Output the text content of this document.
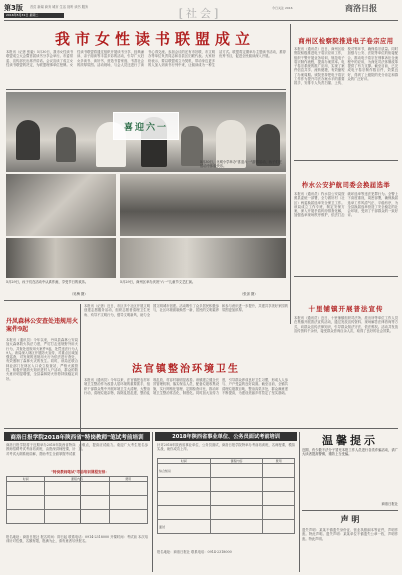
第3版 首页 新闻 商务 城市 生活 视听 读书 服务
2016年5月31日 星期二	[社会]	今日关注 2016	商洛日报
我市女性读书联盟成立
本报讯（记者 张毅）5月30日，我市女性读书联盟成立大会暨首届读书分享会举行。市委常委、宣传部长出席并讲话。会议宣读了成立女性读书联盟的决定，为联盟理事单位授牌。女性读书联盟将通过组织开展读书分享、经典诵读、亲子阅读等丰富多彩的活动，引导广大妇女多读书、读好书，营造书香家庭、书香社会的浓厚氛围。活动现场，与会人员还进行了读书心得交流。参加会议的还有市妇联、市文明办等单位负责同志和各县区妇联代表。大家纷纷表示，要以联盟成立为契机，带动身边更多的人加入到读书行列中来，让阅读成为一种生活方式。联盟将定期举办主题读书活动，推荐优秀书目，促进全民阅读深入开展。
喜迎六一
5月30日，北城小学举办"喜迎六一"游园活动，孩子们在活动中体验快乐。
5月29日，商州区举办庆祝"六一"儿童节文艺汇演。
5月29日，孩子们在活动中认真作画，享受节日的欢乐。
（吴梅 摄）	（张剑 摄）
商州区检察院推进电子卷宗应用
本报讯（通讯员）近日，商州区检察院积极推进电子卷宗应用工作，组织干警开展业务培训，规范电子卷宗制作流程，提高办案效率。电子卷宗系统的推广应用，实现了案件信息共享、流转便捷，有效缩短了办案周期。该院坚持把电子卷宗工作作为提升司法办案水平的重要抓手，安排专人负责扫描、上传、校对等环节，确保卷宗质量。同时加强与公安、法院等单位的衔接配合，推动电子卷宗在刑事诉讼全流程中的应用，为深化司法体制改革提供了有力支撑。截至目前，已完成电子卷宗制作数百件，效果良好，得到了上级院的充分肯定和群众的广泛好评。
柞水公安护航司委会换届选举
本报讯（通讯员）柞水县公安局按照县委统一部署，全力做好村（社区）两委换届选举安全保卫工作。该局成立工作专班，制定安保方案，深入开展矛盾纠纷排查化解，加强选举现场秩序维护，依法打击破坏选举等违法犯罪行为。全警上下高度重视，周密部署，确保换届选举工作风清气正、平稳有序，为全县换届选举营造了安全稳定的社会环境，受到了干部群众的一致好评。
十里铺镇开展普法宣传
本报讯（通讯员）近日，十里铺镇组织司法所、派出所等单位工作人员在集镇开展普法宣传活动，通过发放宣传资料、现场解答法律咨询等方式，向群众宣传法律知识，引导群众知法守法、依法维权。活动共发放宣传资料千余份，接受群众咨询百余人次，取得了良好的社会效果。
丹凤森林公安查处违规用火案件9起
本报讯（通讯员）今年以来，丹凤县森林公安局加大森林防火执法力度，严厉打击违规野外用火行为，共查处违规用火案件9起，处罚违法行为人9人。该局深入林区开展防火宣传，对重点区域加强巡查，对发现的违规用火行为依法进行查处，有效遏制了森林火灾的发生。同时，该局还联合林业部门在林区入口设立检查站，严格火源管控，积极开展防火知识进村入户活动，群众的防火意识明显增强，全县森林防火形势持续稳定向好。
本报讯（记者）近日，市区多个社区开展文明创建志愿服务活动，组织志愿者清理卫生死角、劝导不文明行为，倡导文明新风，助力全国文明城市创建。活动吸引了众多居民积极参与，社区环境面貌焕然一新，居民的文明素养和参与意识进一步提升，共建共享美好家园的氛围更加浓厚。
法官镇整治环境卫生
本报讯（通讯员）今年以来，法官镇把农村环境卫生整治作为改善人居环境的重要抓手，组织干部群众集中开展环境卫生大清理、大整治行动，清理垃圾杂物，拆除乱搭乱建，整治乱堆乱放，村容村貌明显改善。该镇建立健全长效管理机制，落实保洁人员，配备垃圾收集设施，实行网格化管理，定期检查评比，推动环境卫生整治常态化、制度化。同时加大宣传力度，引导群众养成良好卫生习惯，形成人人参与、户户受益的良好局面。截至目前，全镇共清理垃圾数百吨，整治沟渠多处，群众满意度不断提高，为建设美丽乡村奠定了坚实基础。
商洛日报学院2018年陕西省"特岗教师"笔试考前培训
商洛日报学院将于近期举办2018年陕西省特岗教师招聘考试考前培训班，由资深讲师授课，针对考试大纲系统讲解，帮助考生全面掌握考试重点难点，提高应试能力。欢迎广大考生报名参加。
"特岗教师笔试"考前培训课程安排：
时间	课程内容	费用

报名地址：商洛日报社 报名时间：即日起 联系电话：0914-2318000 开课时间：考试前 本次培训针对性强，名额有限，报满为止，请有意者尽快报名。
2018年陕西省事业单位、公务员面试考前培训
针对2018年陕西省事业单位、公务员面试，商洛日报学院特举办考前培训班，名师授课，模拟实战，助你成功上岸。
时间	课程内容	费用
综合知识		

面试		
报名地址：商洛日报社 联系电话：0914-2318000
温馨提示
近期，有少数不法分子冒充本报工作人员进行各类诈骗活动，请广大读者提高警惕，谨防上当受骗。
商洛日报社
声 明
遗失声明：某某不慎遗失身份证、营业执照副本等证件，声明作废。特此声明。遗失声明：某某单位不慎遗失公章一枚，声明作废。特此声明。
